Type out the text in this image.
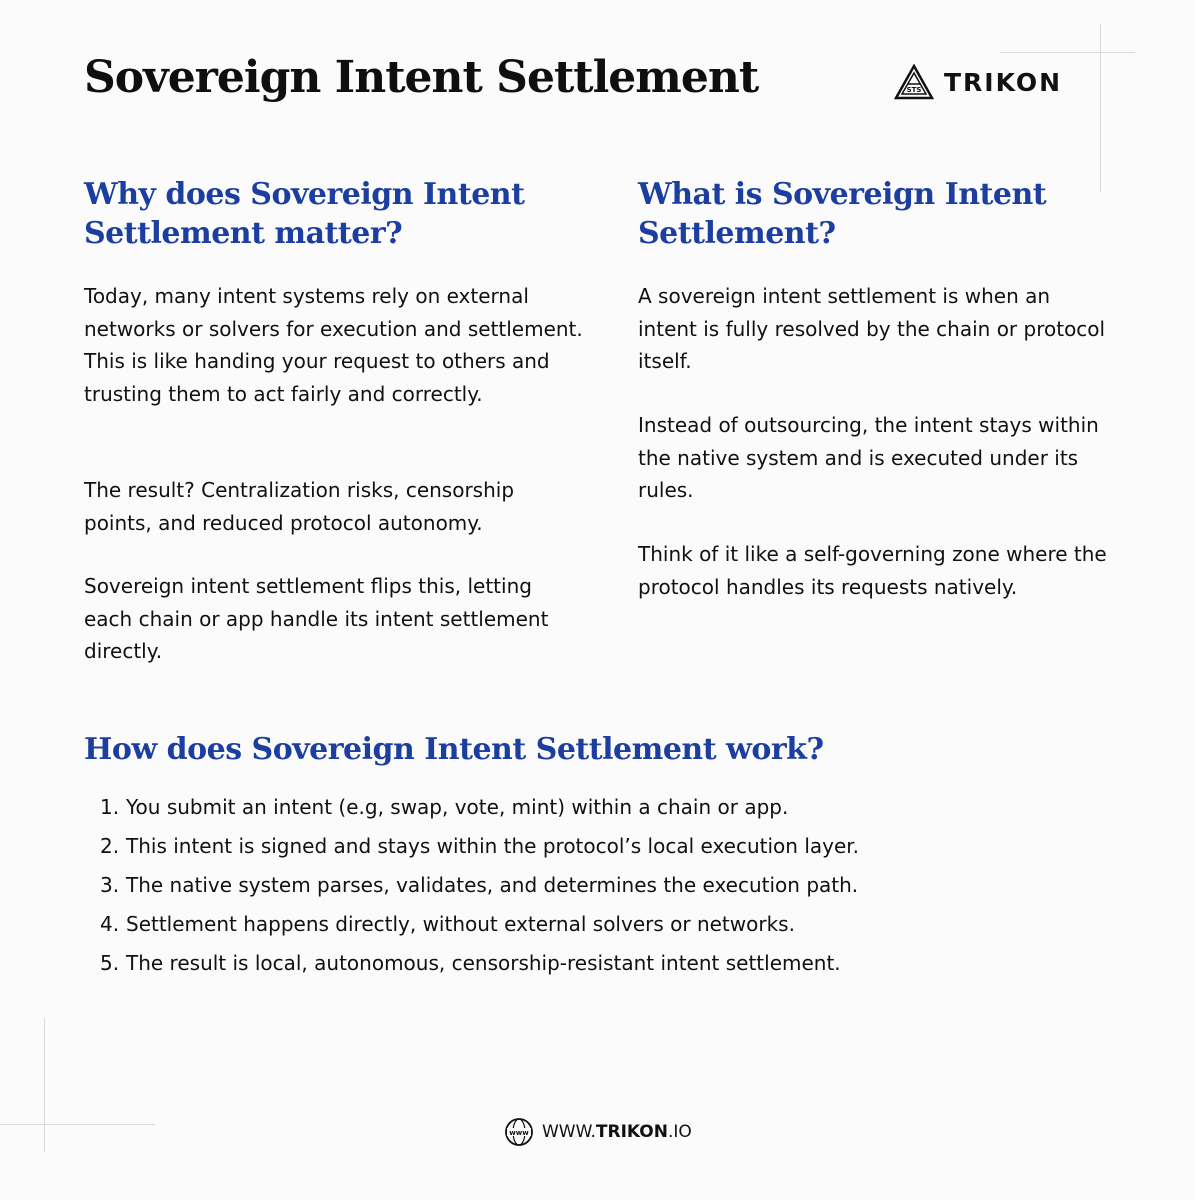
Sovereign Intent Settlement	STS TRIKON
Why does Sovereign Intent Settlement matter?

Today, many intent systems rely on external networks or solvers for execution and settlement. This is like handing your request to others and trusting them to act fairly and correctly.

The result? Centralization risks, censorship points, and reduced protocol autonomy.

Sovereign intent settlement flips this, letting each chain or app handle its intent settlement directly.

What is Sovereign Intent Settlement?

A sovereign intent settlement is when an intent is fully resolved by the chain or protocol itself.

Instead of outsourcing, the intent stays within the native system and is executed under its rules.

Think of it like a self-governing zone where the protocol handles its requests natively.

How does Sovereign Intent Settlement work?
1. You submit an intent (e.g, swap, vote, mint) within a chain or app.
2. This intent is signed and stays within the protocol’s local execution layer.
3. The native system parses, validates, and determines the execution path.
4. Settlement happens directly, without external solvers or networks.
5. The result is local, autonomous, censorship-resistant intent settlement.
www WWW.TRIKON.IO
